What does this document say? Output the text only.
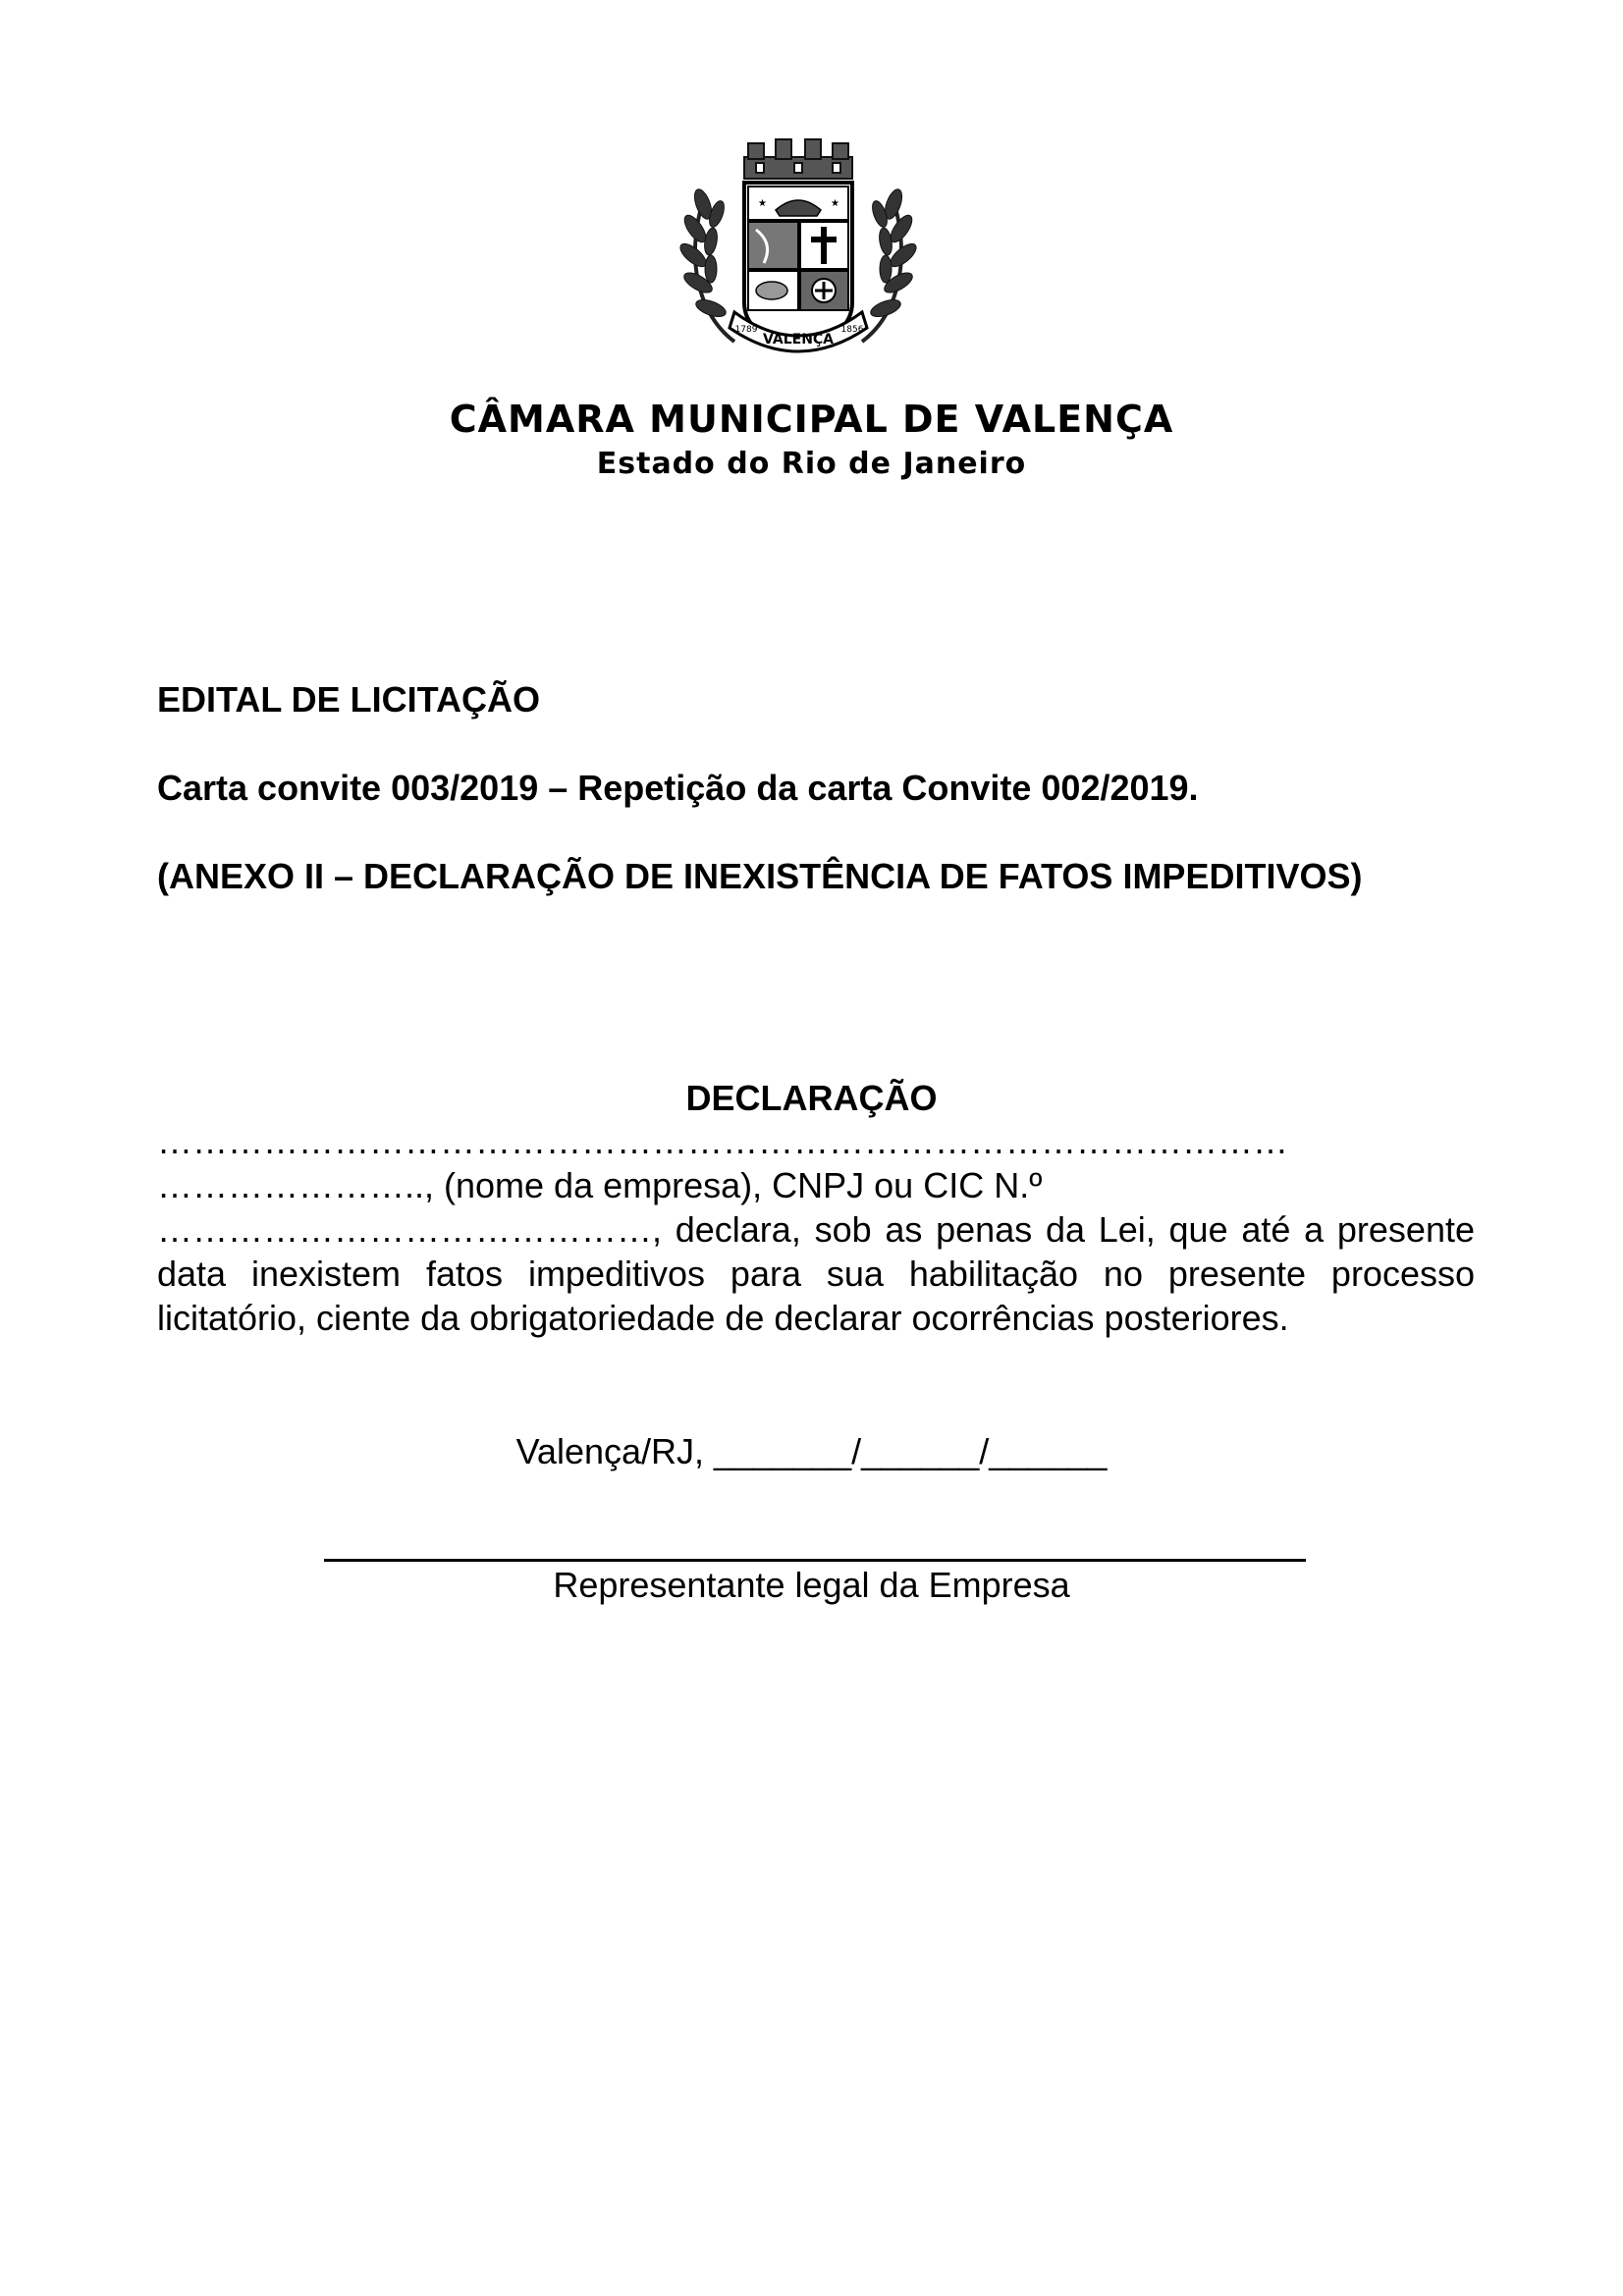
★	★
VALENÇA
1789	1856
CÂMARA MUNICIPAL DE VALENÇA
Estado do Rio de Janeiro
EDITAL DE LICITAÇÃO
Carta convite 003/2019 – Repetição da carta Convite 002/2019.
(ANEXO II – DECLARAÇÃO DE INEXISTÊNCIA DE FATOS IMPEDITIVOS)
DECLARAÇÃO
……………………………………………………………………………………
………………….., (nome da empresa), CNPJ ou CIC N.º
……………………………………, declara, sob as penas da Lei, que até a presente data inexistem fatos impeditivos para sua habilitação no presente processo licitatório, ciente da obrigatoriedade de declarar ocorrências posteriores.
Valença/RJ, _______/______/______
Representante legal da Empresa
